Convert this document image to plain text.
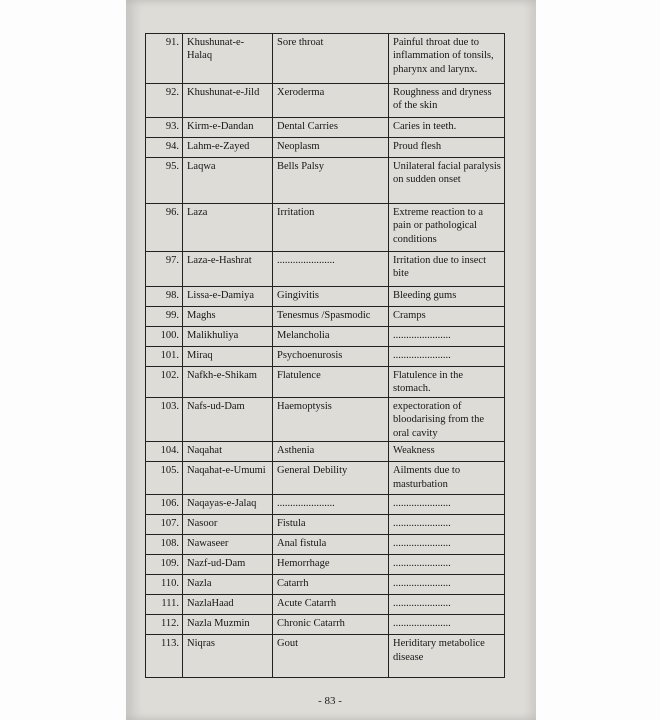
91.	Khushunat-e-Halaq	Sore throat	Painful throat due to inflammation of tonsils, pharynx and larynx.
92.	Khushunat-e-Jild	Xeroderma	Roughness and dryness of the skin
93.	Kirm-e-Dandan	Dental Carries	Caries in teeth.
94.	Lahm-e-Zayed	Neoplasm	Proud flesh
95.	Laqwa	Bells Palsy	Unilateral facial paralysis on sudden onset
96.	Laza	Irritation	Extreme reaction to a pain or pathological conditions
97.	Laza-e-Hashrat	......................	Irritation due to insect bite
98.	Lissa-e-Damiya	Gingivitis	Bleeding gums
99.	Maghs	Tenesmus /Spasmodic	Cramps
100.	Malikhuliya	Melancholia	......................
101.	Miraq	Psychoenurosis	......................
102.	Nafkh-e-Shikam	Flatulence	Flatulence in the stomach.
103.	Nafs-ud-Dam	Haemoptysis	expectoration of bloodarising from the oral cavity
104.	Naqahat	Asthenia	Weakness
105.	Naqahat-e-Umumi	General Debility	Ailments due to masturbation
106.	Naqayas-e-Jalaq	......................	......................
107.	Nasoor	Fistula	......................
108.	Nawaseer	Anal fistula	......................
109.	Nazf-ud-Dam	Hemorrhage	......................
110.	Nazla	Catarrh	......................
111.	NazlaHaad	Acute Catarrh	......................
112.	Nazla Muzmin	Chronic Catarrh	......................
113.	Niqras	Gout	Heriditary metabolice disease
- 83 -
